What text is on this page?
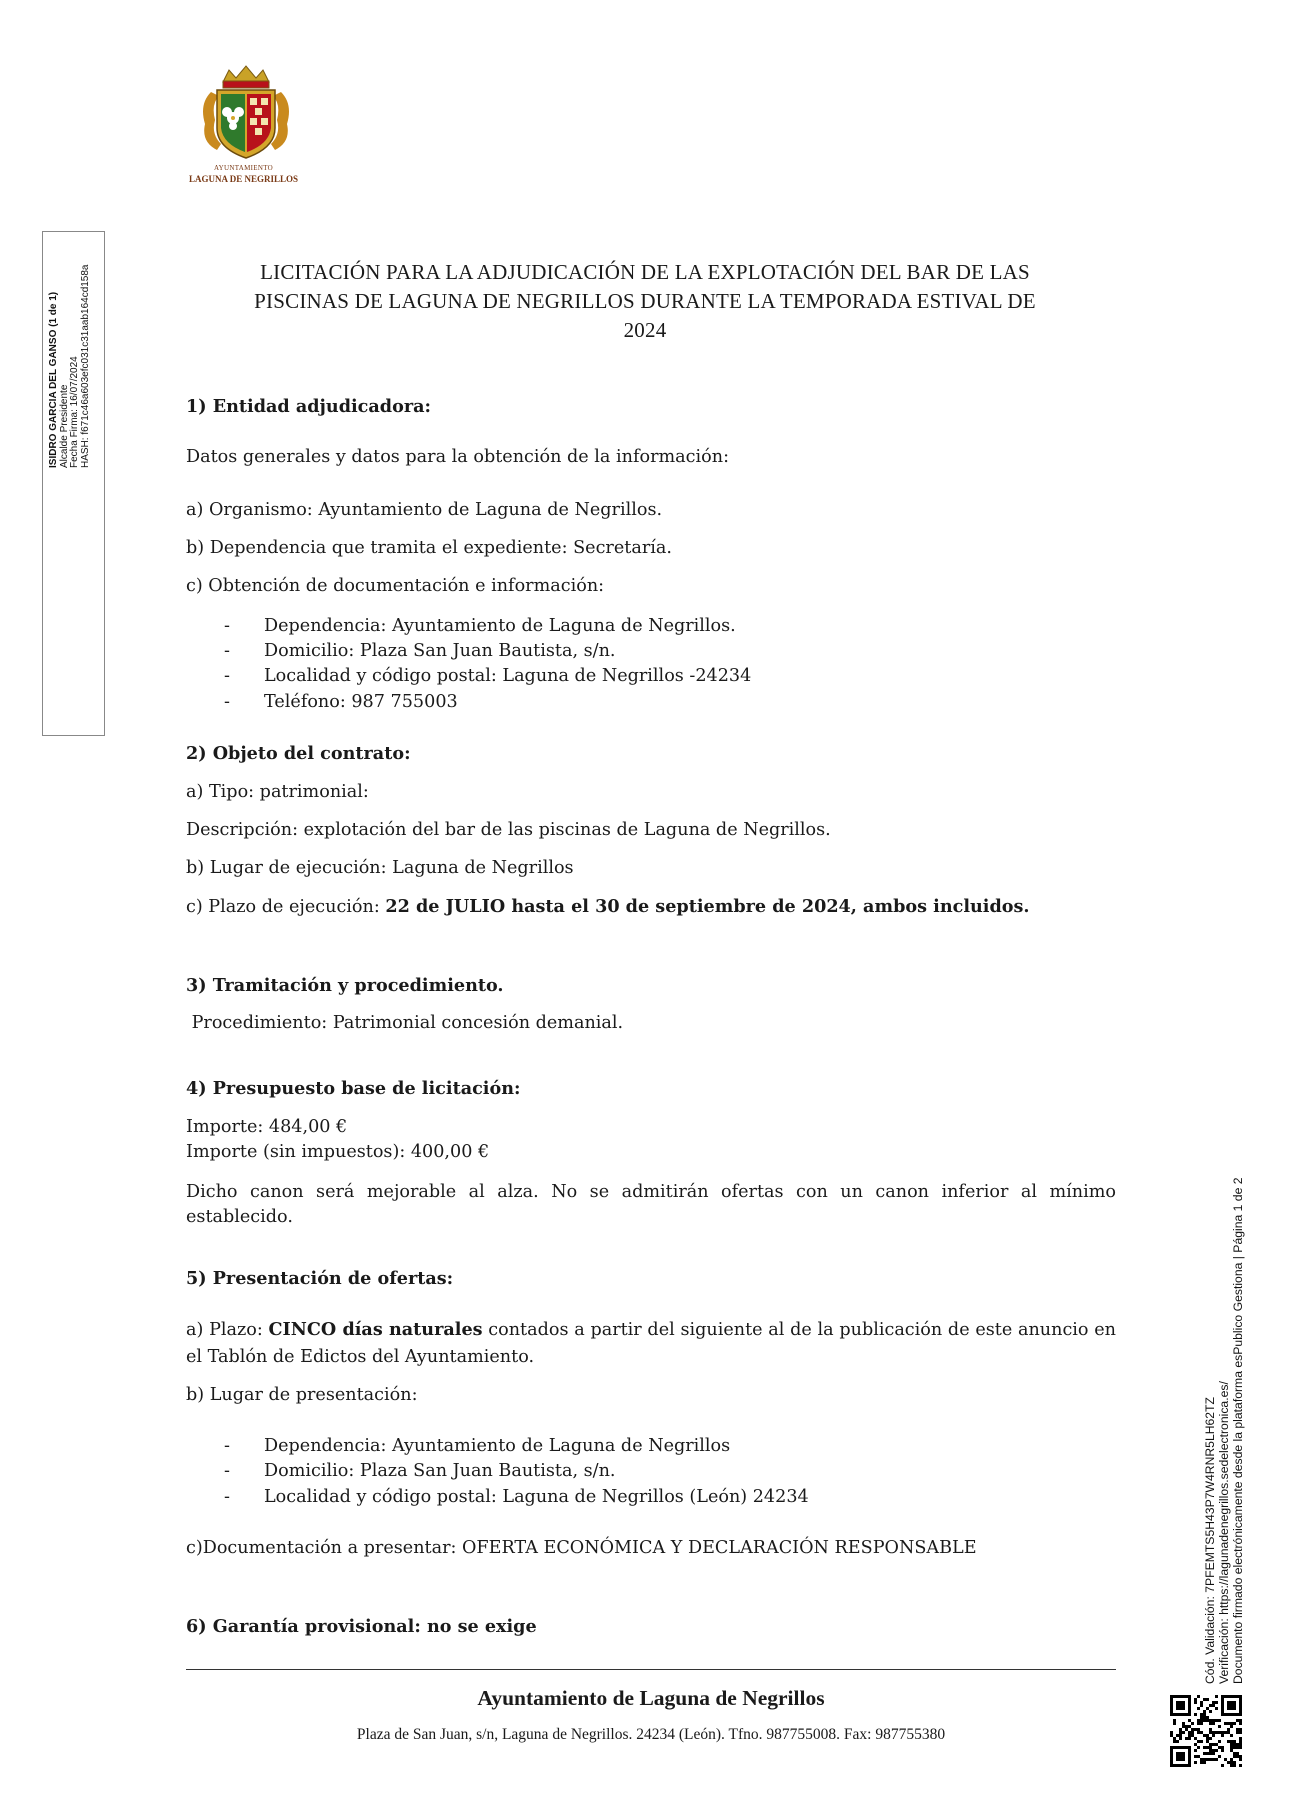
AYUNTAMIENTO
LAGUNA DE NEGRILLOS
ISIDRO GARCIA DEL GANSO (1 de 1) Alcalde Presidente Fecha Firma: 16/07/2024 HASH: f671c46a603efc031c31aab164cd158a	LICITACIÓN PARA LA ADJUDICACIÓN DE LA EXPLOTACIÓN DEL BAR DE LAS
PISCINAS DE LAGUNA DE NEGRILLOS DURANTE LA TEMPORADA ESTIVAL DE
2024
1) Entidad adjudicadora:
Datos generales y datos para la obtención de la información:
a) Organismo: Ayuntamiento de Laguna de Negrillos.
b) Dependencia que tramita el expediente: Secretaría.
c) Obtención de documentación e información:
- Dependencia: Ayuntamiento de Laguna de Negrillos.
- Domicilio: Plaza San Juan Bautista, s/n.
- Localidad y código postal: Laguna de Negrillos -24234
- Teléfono: 987 755003
2) Objeto del contrato:
a) Tipo: patrimonial:
Descripción: explotación del bar de las piscinas de Laguna de Negrillos.
b) Lugar de ejecución: Laguna de Negrillos
c) Plazo de ejecución: 22 de JULIO hasta el 30 de septiembre de 2024, ambos incluidos.
3) Tramitación y procedimiento.
Procedimiento: Patrimonial concesión demanial.
4) Presupuesto base de licitación:
Importe: 484,00 €
Importe (sin impuestos): 400,00 €
Dicho canon será mejorable al alza. No se admitirán ofertas con un canon inferior al mínimo establecido.
5) Presentación de ofertas:
a) Plazo: CINCO días naturales contados a partir del siguiente al de la publicación de este anuncio en el Tablón de Edictos del Ayuntamiento.
b) Lugar de presentación:
- Dependencia: Ayuntamiento de Laguna de Negrillos
- Domicilio: Plaza San Juan Bautista, s/n.
- Localidad y código postal: Laguna de Negrillos (León) 24234
c)Documentación a presentar: OFERTA ECONÓMICA Y DECLARACIÓN RESPONSABLE
6) Garantía provisional: no se exige
Ayuntamiento de Laguna de Negrillos
Plaza de San Juan, s/n, Laguna de Negrillos. 24234 (León). Tfno. 987755008. Fax: 987755380
Cód. Validación: 7PFEMTS5H43P7W4RNR5LH62TZ Verificación: https://lagunadenegrillos.sedelectronica.es/ Documento firmado electrónicamente desde la plataforma esPublico Gestiona | Página 1 de 2
